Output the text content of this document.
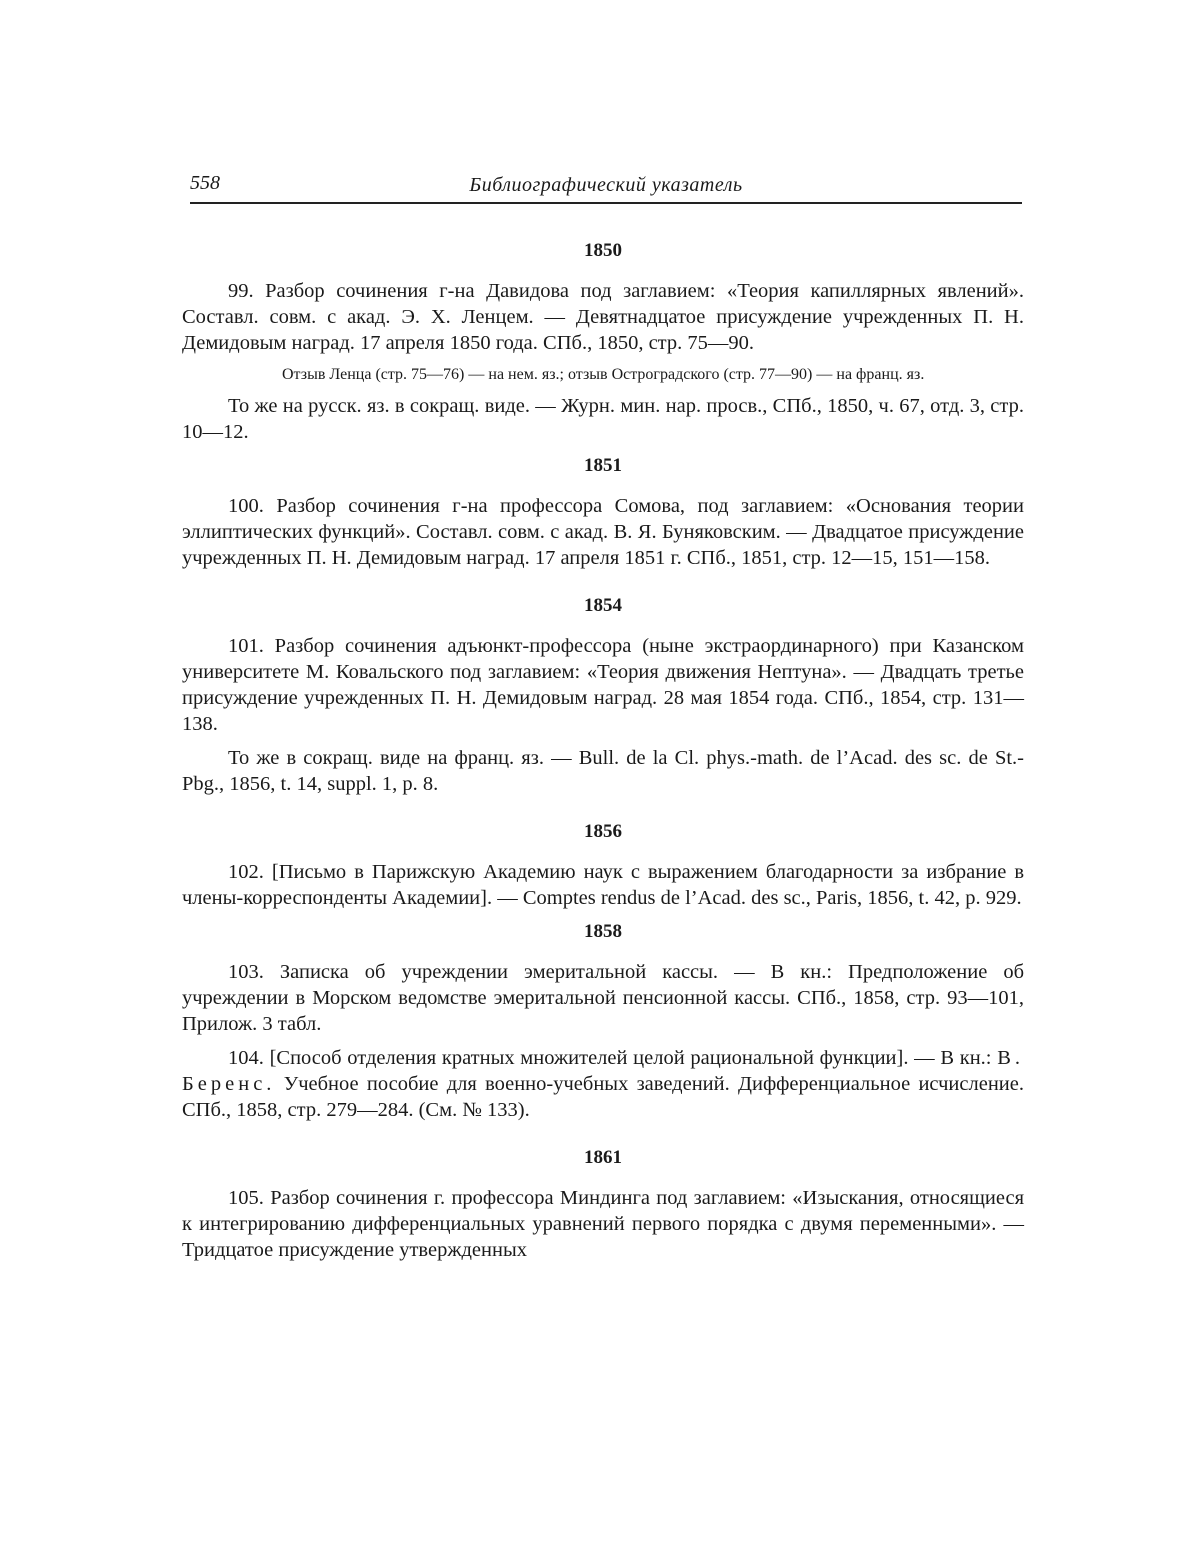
558	Библиографический указатель
1850

99. Разбор сочинения г-на Давидова под заглавием: «Теория капиллярных явлений». Составл. совм. с акад. Э. Х. Ленцем. — Девятнадцатое присуждение учрежденных П. Н. Демидовым наград. 17 апреля 1850 года. СПб., 1850, стр. 75—90.

Отзыв Ленца (стр. 75—76) — на нем. яз.; отзыв Остроградского (стр. 77—90) — на франц. яз.

То же на русск. яз. в сокращ. виде. — Журн. мин. нар. просв., СПб., 1850, ч. 67, отд. 3, стр. 10—12.

1851

100. Разбор сочинения г-на профессора Сомова, под заглавием: «Основания теории эллиптических функций». Составл. совм. с акад. В. Я. Буняковским. — Двадцатое присуждение учрежденных П. Н. Демидовым наград. 17 апреля 1851 г. СПб., 1851, стр. 12—15, 151—158.

1854

101. Разбор сочинения адъюнкт-профессора (ныне экстраординарного) при Казанском университете М. Ковальского под заглавием: «Теория движения Нептуна». — Двадцать третье присуждение учрежденных П. Н. Демидовым наград. 28 мая 1854 года. СПб., 1854, стр. 131—138.

То же в сокращ. виде на франц. яз. — Bull. de la Cl. phys.-math. de l’Acad. des sc. de St.-Pbg., 1856, t. 14, suppl. 1, p. 8.

1856

102. [Письмо в Парижскую Академию наук с выражением благодарности за избрание в члены-корреспонденты Академии]. — Comptes rendus de l’Acad. des sc., Paris, 1856, t. 42, p. 929.

1858

103. Записка об учреждении эмеритальной кассы. — В кн.: Предположение об учреждении в Морском ведомстве эмеритальной пенсионной кассы. СПб., 1858, стр. 93—101, Прилож. 3 табл.

104. [Способ отделения кратных множителей целой рациональной функции]. — В кн.: В. Беренс. Учебное пособие для военно-учебных заведений. Дифференциальное исчисление. СПб., 1858, стр. 279—284. (См. № 133).

1861

105. Разбор сочинения г. профессора Миндинга под заглавием: «Изыскания, относящиеся к интегрированию дифференциальных уравнений первого порядка с двумя переменными». — Тридцатое присуждение утвержденных
